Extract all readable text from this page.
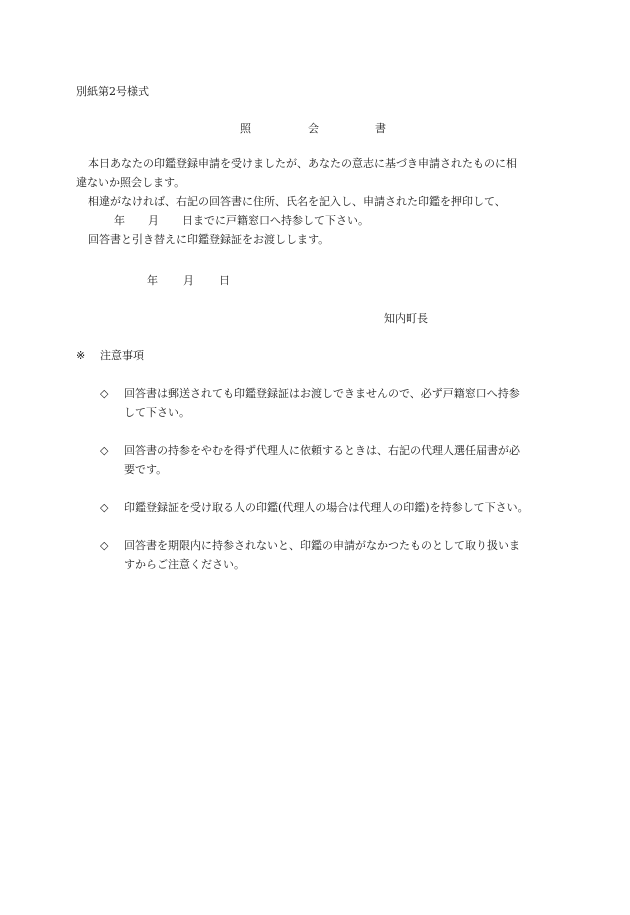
別紙第2号様式

照

	会

	書

本日あなたの印鑑登録申請を受けましたが、あなたの意志に基づき申請されたものに相
違ないか照会します。
相違がなければ、右記の回答書に住所、氏名を記入し、申請された印鑑を押印して、

年

月

日までに戸籍窓口へ持参して下さい。

回答書と引き替えに印鑑登録証をお渡しします。

年

月

日

知内町長

※

注意事項

◇ 回答書は郵送されても印鑑登録証はお渡しできませんので、必ず戸籍窓口へ持参
して下さい。
◇ 回答書の持参をやむを得ず代理人に依頼するときは、右記の代理人選任届書が必
要です。
◇ 印鑑登録証を受け取る人の印鑑(代理人の場合は代理人の印鑑)を持参して下さい。
◇ 回答書を期限内に持参されないと、印鑑の申請がなかつたものとして取り扱いま
すからご注意ください。
